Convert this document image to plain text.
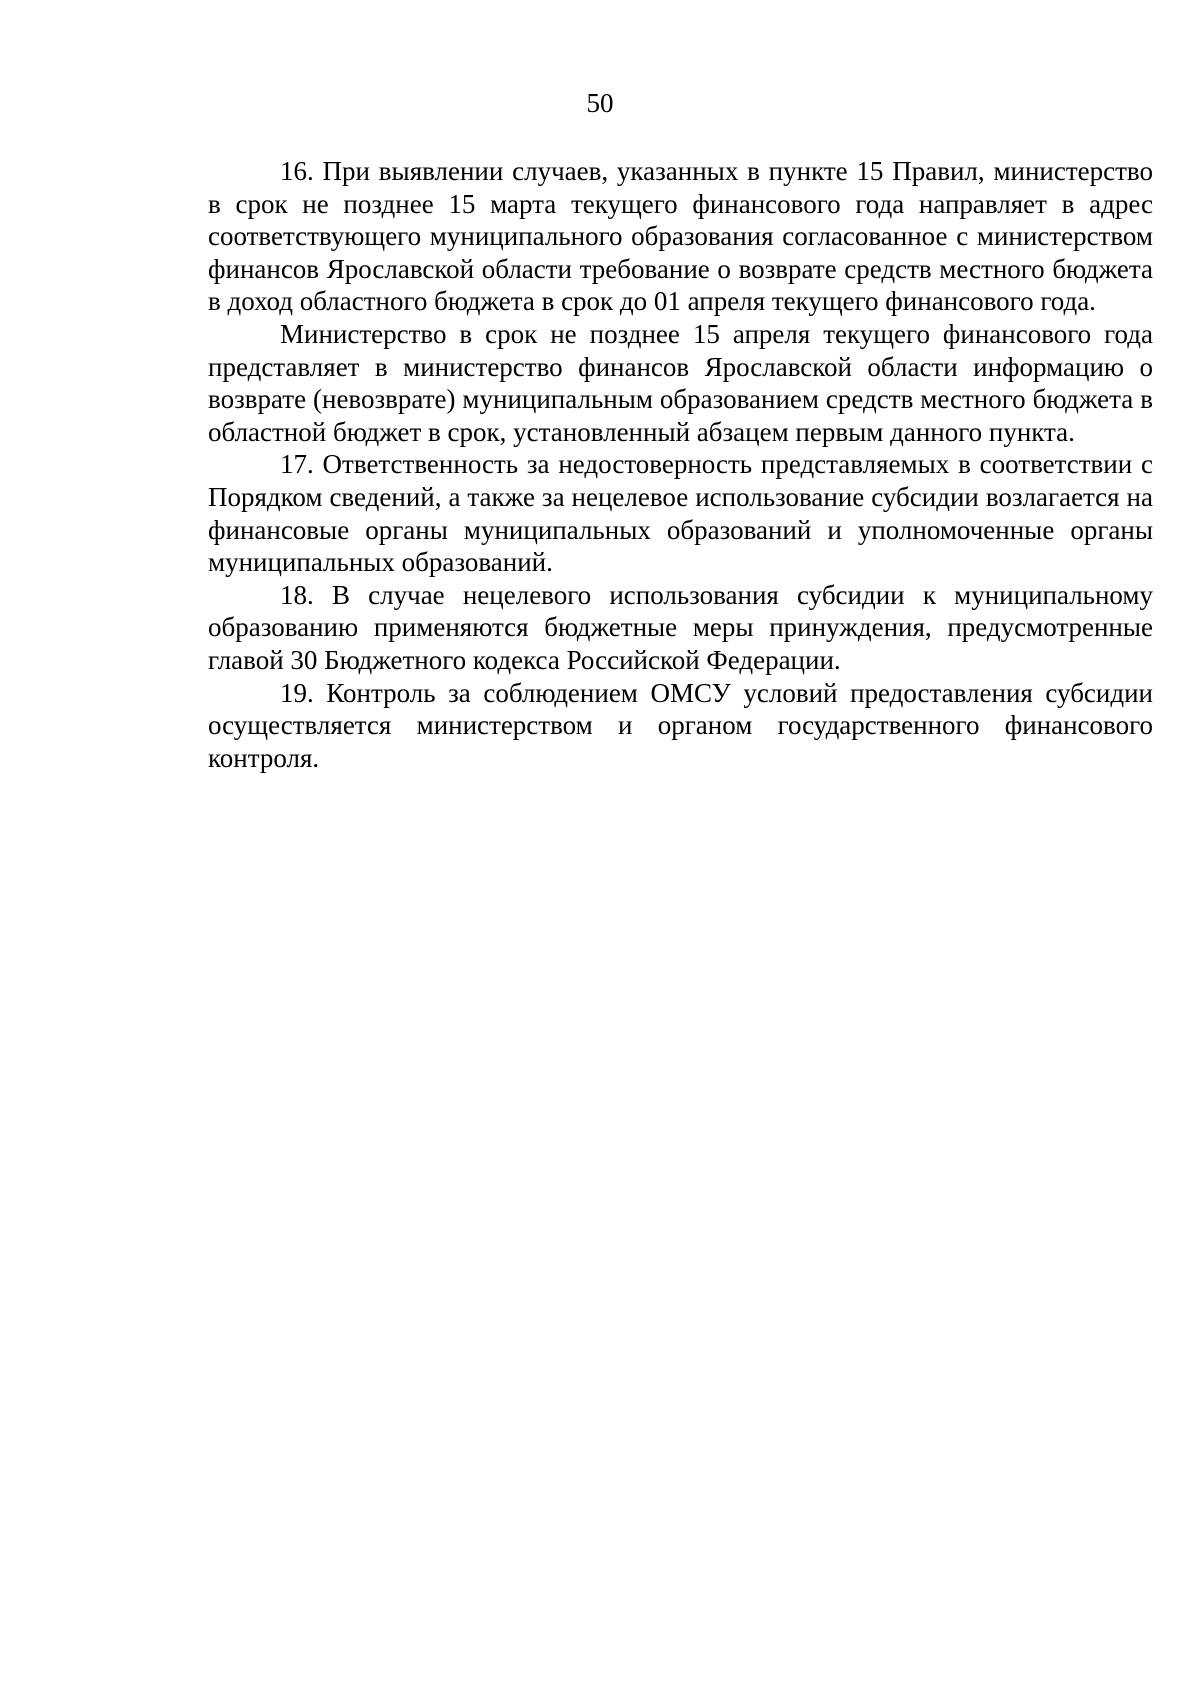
50

16. При выявлении случаев, указанных в пункте 15 Правил, министерство в срок не позднее 15 марта текущего финансового года направляет в адрес соответствующего муниципального образования согласованное с министерством финансов Ярославской области требование о возврате средств местного бюджета в доход областного бюджета в срок до 01 апреля текущего финансового года.

Министерство в срок не позднее 15 апреля текущего финансового года представляет в министерство финансов Ярославской области информацию о возврате (невозврате) муниципальным образованием средств местного бюджета в областной бюджет в срок, установленный абзацем первым данного пункта.

17. Ответственность за недостоверность представляемых в соответствии с Порядком сведений, а также за нецелевое использование субсидии возлагается на финансовые органы муниципальных образований и уполномоченные органы муниципальных образований.

18. В случае нецелевого использования субсидии к муниципальному образованию применяются бюджетные меры принуждения, предусмотренные главой 30 Бюджетного кодекса Российской Федерации.

19. Контроль за соблюдением ОМСУ условий предоставления субсидии осуществляется министерством и органом государственного финансового контроля.
